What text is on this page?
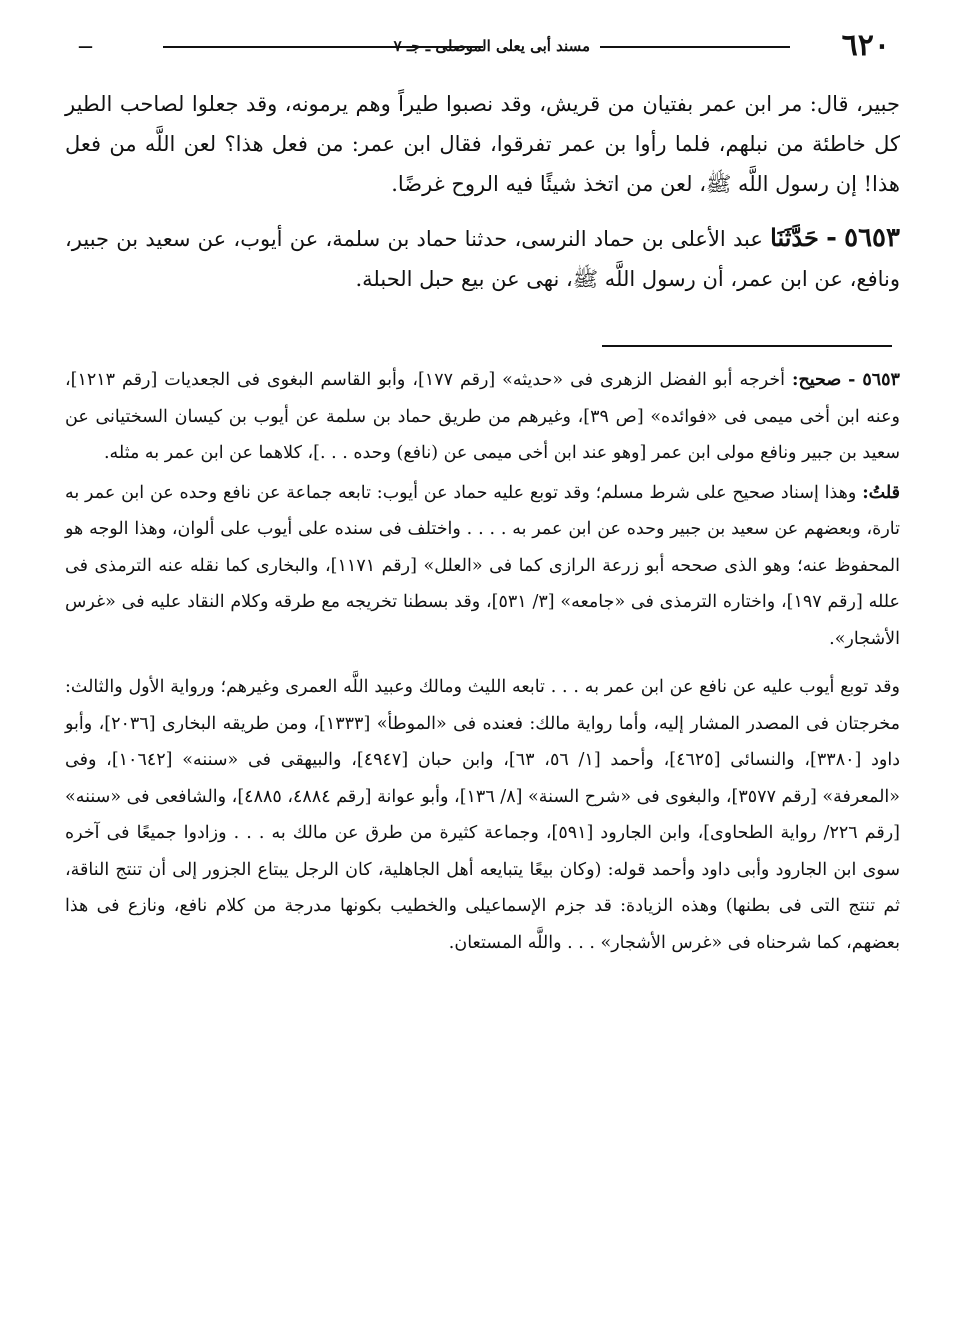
٦٢٠
مسند أبى يعلى الموصلى ـ جـ ٧
—

جبير، قال: مر ابن عمر بفتيان من قريش، وقد نصبوا طيراً وهم يرمونه، وقد جعلوا لصاحب الطير كل خاطئة من نبلهم، فلما رأوا بن عمر تفرقوا، فقال ابن عمر: من فعل هذا؟ لعن اللَّه من فعل هذا! إن رسول اللَّه ﷺ، لعن من اتخذ شيئًا فيه الروح غرضًا.

٥٦٥٣ - حَدَّثَنَا عبد الأعلى بن حماد النرسى، حدثنا حماد بن سلمة، عن أيوب، عن سعيد بن جبير، ونافع، عن ابن عمر، أن رسول اللَّه ﷺ، نهى عن بيع حبل الحبلة.

٥٦٥٣ - صحيح: أخرجه أبو الفضل الزهرى فى «حديثه» [رقم ١٧٧]، وأبو القاسم البغوى فى الجعديات [رقم ١٢١٣]، وعنه ابن أخى ميمى فى «فوائده» [ص ٣٩]، وغيرهم من طريق حماد بن سلمة عن أيوب بن كيسان السختيانى عن سعيد بن جبير ونافع مولى ابن عمر [وهو عند ابن أخى ميمى عن (نافع) وحده . . .]، كلاهما عن ابن عمر به مثله.

قلتُ: وهذا إسناد صحيح على شرط مسلم؛ وقد توبع عليه حماد عن أيوب: تابعه جماعة عن نافع وحده عن ابن عمر به تارة، وبعضهم عن سعيد بن جبير وحده عن ابن عمر به . . . . واختلف فى سنده على أيوب على ألوان، وهذا الوجه هو المحفوظ عنه؛ وهو الذى صححه أبو زرعة الرازى كما فى «العلل» [رقم ١١٧١]، والبخارى كما نقله عنه الترمذى فى علله [رقم ١٩٧]، واختاره الترمذى فى «جامعه» [٣/ ٥٣١]، وقد بسطنا تخريجه مع طرقه وكلام النقاد عليه فى «غرس الأشجار».

وقد توبع أيوب عليه عن نافع عن ابن عمر به . . . تابعه الليث ومالك وعبيد اللَّه العمرى وغيرهم؛ ورواية الأول والثالث: مخرجتان فى المصدر المشار إليه، وأما رواية مالك: فعنده فى «الموطأ» [١٣٣٣]، ومن طريقه البخارى [٢٠٣٦]، وأبو داود [٣٣٨٠]، والنسائى [٤٦٢٥]، وأحمد [١/ ٥٦، ٦٣]، وابن حبان [٤٩٤٧]، والبيهقى فى «سننه» [١٠٦٤٢]، وفى «المعرفة» [رقم ٣٥٧٧]، والبغوى فى «شرح السنة» [٨/ ١٣٦]، وأبو عوانة [رقم ٤٨٨٤، ٤٨٨٥]، والشافعى فى «سننه» [رقم ٢٢٦/ رواية الطحاوى]، وابن الجارود [٥٩١]، وجماعة كثيرة من طرق عن مالك به . . . وزادوا جميعًا فى آخره سوى ابن الجارود وأبى داود وأحمد قوله: (وكان بيعًا يتبايعه أهل الجاهلية، كان الرجل يبتاع الجزور إلى أن تنتج الناقة، ثم تنتج التى فى بطنها) وهذه الزيادة: قد جزم الإسماعيلى والخطيب بكونها مدرجة من كلام نافع، ونازع فى هذا بعضهم، كما شرحناه فى «غرس الأشجار» . . . واللَّه المستعان.
